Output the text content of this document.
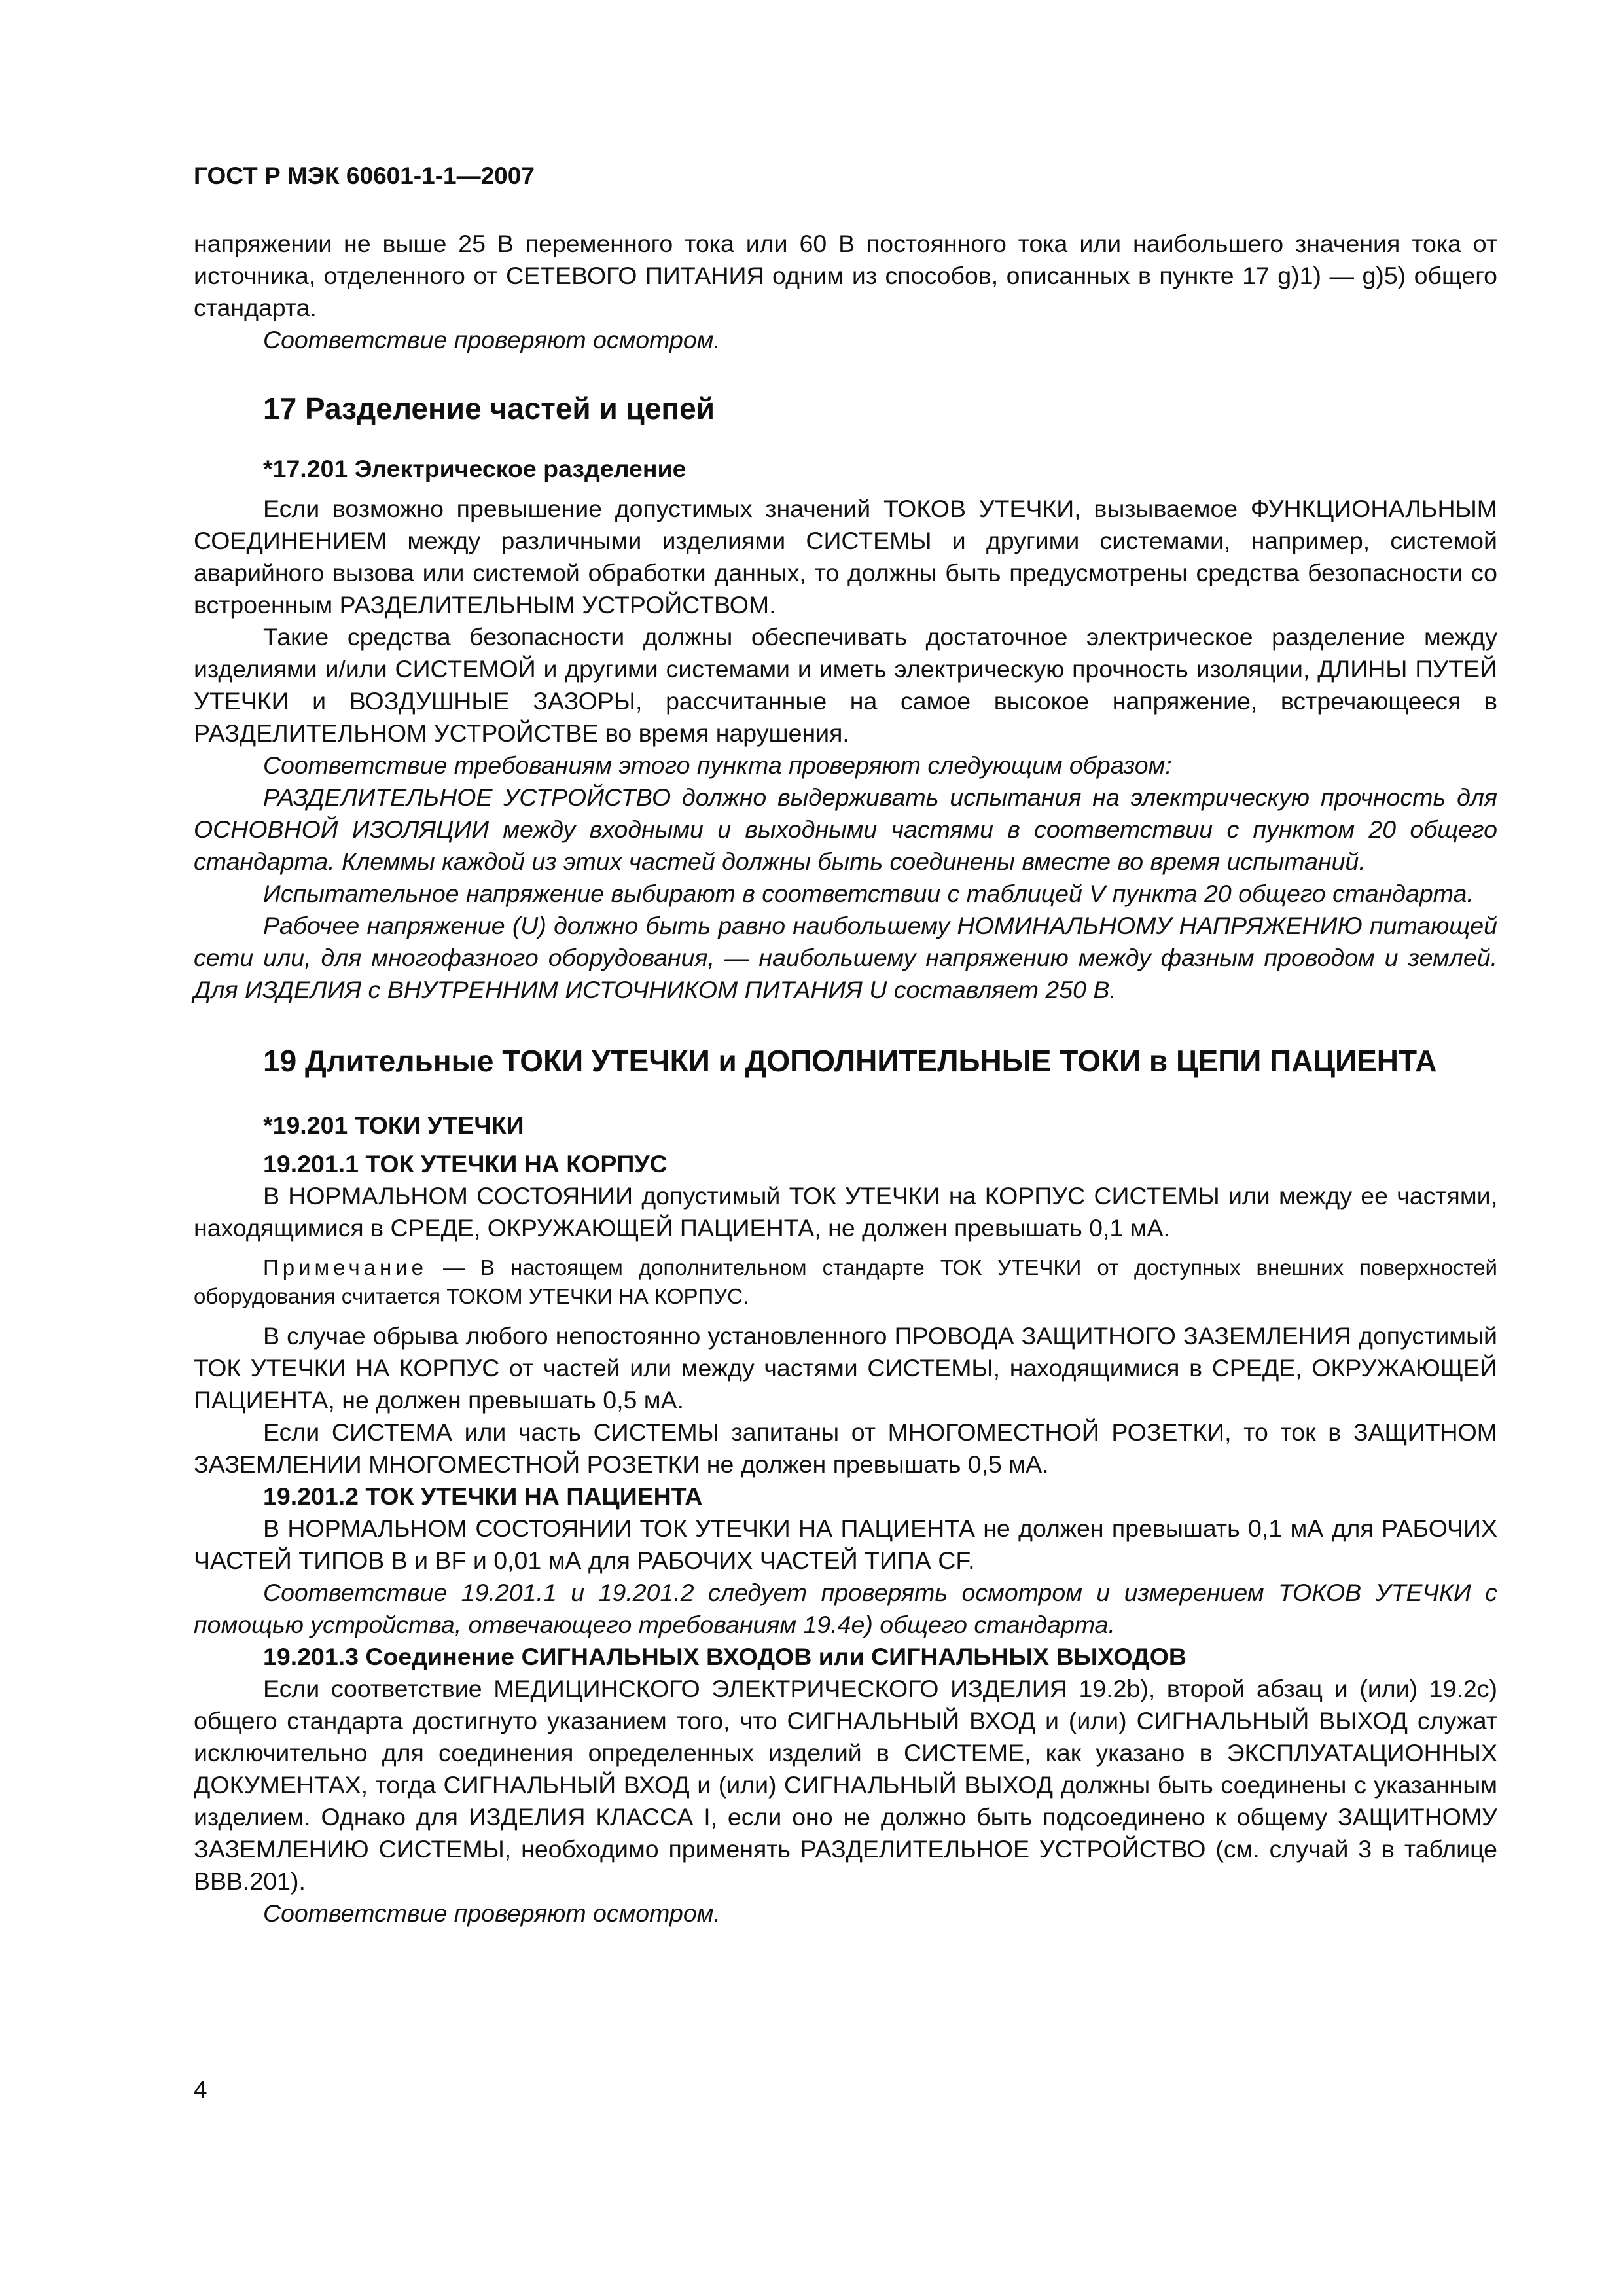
ГОСТ Р МЭК 60601-1-1—2007

напряжении не выше 25 В переменного тока или 60 В постоянного тока или наибольшего значения тока от источника, отделенного от СЕТЕВОГО ПИТАНИЯ одним из способов, описанных в пункте 17 g)1) — g)5) общего стандарта.

Соответствие проверяют осмотром.

17 Разделение частей и цепей
*17.201 Электрическое разделение

Если возможно превышение допустимых значений ТОКОВ УТЕЧКИ, вызываемое ФУНКЦИОНАЛЬНЫМ СОЕДИНЕНИЕМ между различными изделиями СИСТЕМЫ и другими системами, например, системой аварийного вызова или системой обработки данных, то должны быть предусмотрены средства безопасности со встроенным РАЗДЕЛИТЕЛЬНЫМ УСТРОЙСТВОМ.

Такие средства безопасности должны обеспечивать достаточное электрическое разделение между изделиями и/или СИСТЕМОЙ и другими системами и иметь электрическую прочность изоляции, ДЛИНЫ ПУТЕЙ УТЕЧКИ и ВОЗДУШНЫЕ ЗАЗОРЫ, рассчитанные на самое высокое напряжение, встречающееся в РАЗДЕЛИТЕЛЬНОМ УСТРОЙСТВЕ во время нарушения.

Соответствие требованиям этого пункта проверяют следующим образом:

РАЗДЕЛИТЕЛЬНОЕ УСТРОЙСТВО должно выдерживать испытания на электрическую прочность для ОСНОВНОЙ ИЗОЛЯЦИИ между входными и выходными частями в соответствии с пунктом 20 общего стандарта. Клеммы каждой из этих частей должны быть соединены вместе во время испытаний.

Испытательное напряжение выбирают в соответствии с таблицей V пункта 20 общего стандарта.

Рабочее напряжение (U) должно быть равно наибольшему НОМИНАЛЬНОМУ НАПРЯЖЕНИЮ питающей сети или, для многофазного оборудования, — наибольшему напряжению между фазным проводом и землей. Для ИЗДЕЛИЯ с ВНУТРЕННИМ ИСТОЧНИКОМ ПИТАНИЯ U составляет 250 В.

19 Длительные ТОКИ УТЕЧКИ и ДОПОЛНИТЕЛЬНЫЕ ТОКИ в ЦЕПИ ПАЦИЕНТА
*19.201 ТОКИ УТЕЧКИ
19.201.1 ТОК УТЕЧКИ НА КОРПУС

В НОРМАЛЬНОМ СОСТОЯНИИ допустимый ТОК УТЕЧКИ на КОРПУС СИСТЕМЫ или между ее частями, находящимися в СРЕДЕ, ОКРУЖАЮЩЕЙ ПАЦИЕНТА, не должен превышать 0,1 мА.

Примечание — В настоящем дополнительном стандарте ТОК УТЕЧКИ от доступных внешних поверхностей оборудования считается ТОКОМ УТЕЧКИ НА КОРПУС.

В случае обрыва любого непостоянно установленного ПРОВОДА ЗАЩИТНОГО ЗАЗЕМЛЕНИЯ допустимый ТОК УТЕЧКИ НА КОРПУС от частей или между частями СИСТЕМЫ, находящимися в СРЕДЕ, ОКРУЖАЮЩЕЙ ПАЦИЕНТА, не должен превышать 0,5 мА.

Если СИСТЕМА или часть СИСТЕМЫ запитаны от МНОГОМЕСТНОЙ РОЗЕТКИ, то ток в ЗАЩИТНОМ ЗАЗЕМЛЕНИИ МНОГОМЕСТНОЙ РОЗЕТКИ не должен превышать 0,5 мА.

19.201.2 ТОК УТЕЧКИ НА ПАЦИЕНТА

В НОРМАЛЬНОМ СОСТОЯНИИ ТОК УТЕЧКИ НА ПАЦИЕНТА не должен превышать 0,1 мА для РАБОЧИХ ЧАСТЕЙ ТИПОВ В и BF и 0,01 мА для РАБОЧИХ ЧАСТЕЙ ТИПА CF.

Соответствие 19.201.1 и 19.201.2 следует проверять осмотром и измерением ТОКОВ УТЕЧКИ с помощью устройства, отвечающего требованиям 19.4е) общего стандарта.

19.201.3 Соединение СИГНАЛЬНЫХ ВХОДОВ или СИГНАЛЬНЫХ ВЫХОДОВ

Если соответствие МЕДИЦИНСКОГО ЭЛЕКТРИЧЕСКОГО ИЗДЕЛИЯ 19.2b), второй абзац и (или) 19.2с) общего стандарта достигнуто указанием того, что СИГНАЛЬНЫЙ ВХОД и (или) СИГНАЛЬНЫЙ ВЫХОД служат исключительно для соединения определенных изделий в СИСТЕМЕ, как указано в ЭКСПЛУАТАЦИОННЫХ ДОКУМЕНТАХ, тогда СИГНАЛЬНЫЙ ВХОД и (или) СИГНАЛЬНЫЙ ВЫХОД должны быть соединены с указанным изделием. Однако для ИЗДЕЛИЯ КЛАССА I, если оно не должно быть подсоединено к общему ЗАЩИТНОМУ ЗАЗЕМЛЕНИЮ СИСТЕМЫ, необходимо применять РАЗДЕЛИТЕЛЬНОЕ УСТРОЙСТВО (см. случай 3 в таблице ВВВ.201).

Соответствие проверяют осмотром.

4
